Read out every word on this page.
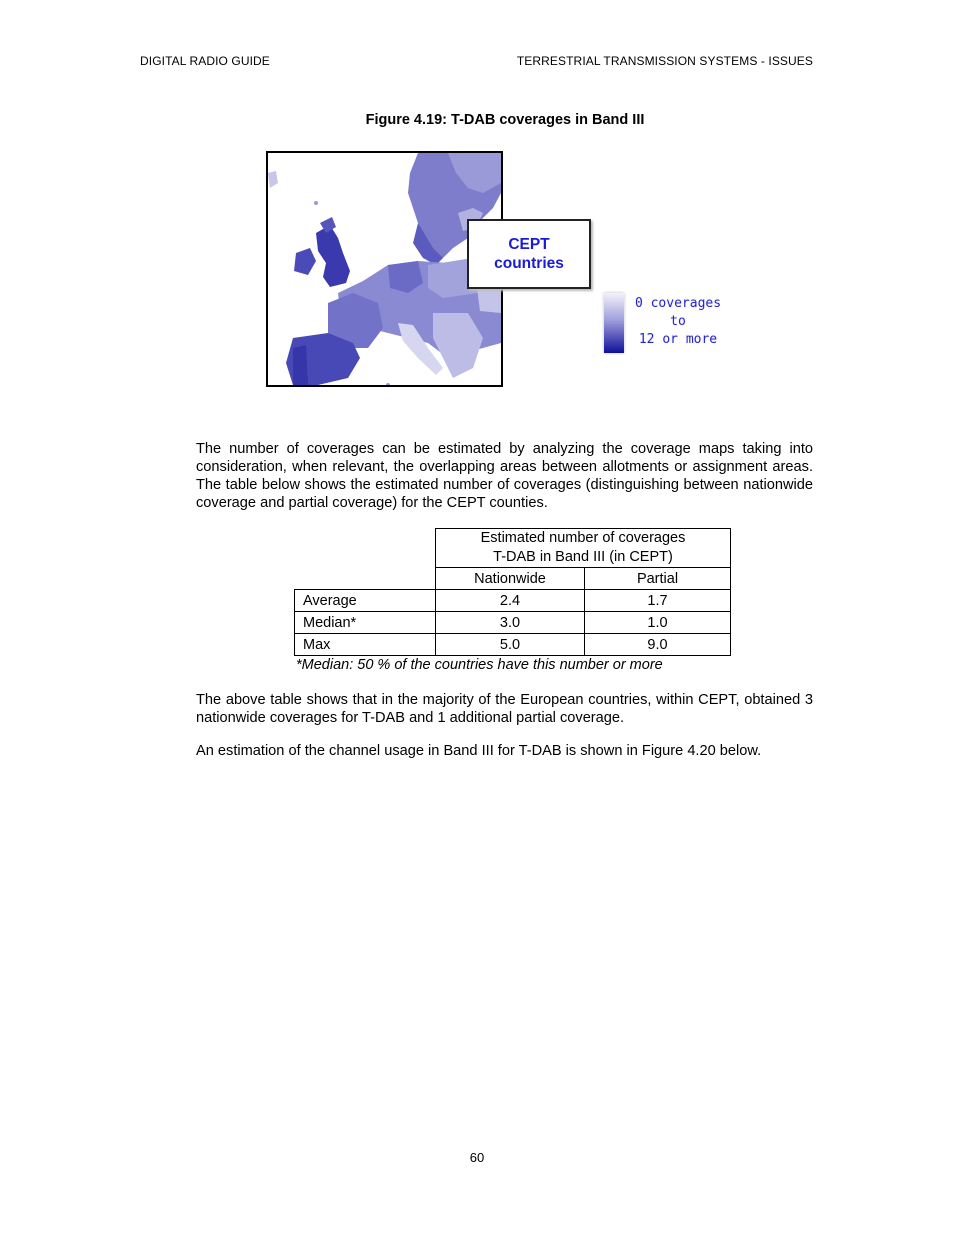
DIGITAL RADIO GUIDE	TERRESTRIAL TRANSMISSION SYSTEMS - ISSUES
Figure 4.19: T-DAB coverages in Band III
CEPT
countries
0 coverages
to
12 or more

The number of coverages can be estimated by analyzing the coverage maps taking into consideration, when relevant, the overlapping areas between allotments or assignment areas. The table below shows the estimated number of coverages (distinguishing between nationwide coverage and partial coverage) for the CEPT counties.

	Estimated number of coverages
T-DAB in Band III (in CEPT)	

	Nationwide	Partial
Average	2.4	1.7
Median*	3.0	1.0
Max	5.0	9.0
*Median: 50 % of the countries have this number or more

The above table shows that in the majority of the European countries, within CEPT, obtained 3 nationwide coverages for T-DAB and 1 additional partial coverage.

An estimation of the channel usage in Band III for T-DAB is shown in Figure 4.20 below.

60
